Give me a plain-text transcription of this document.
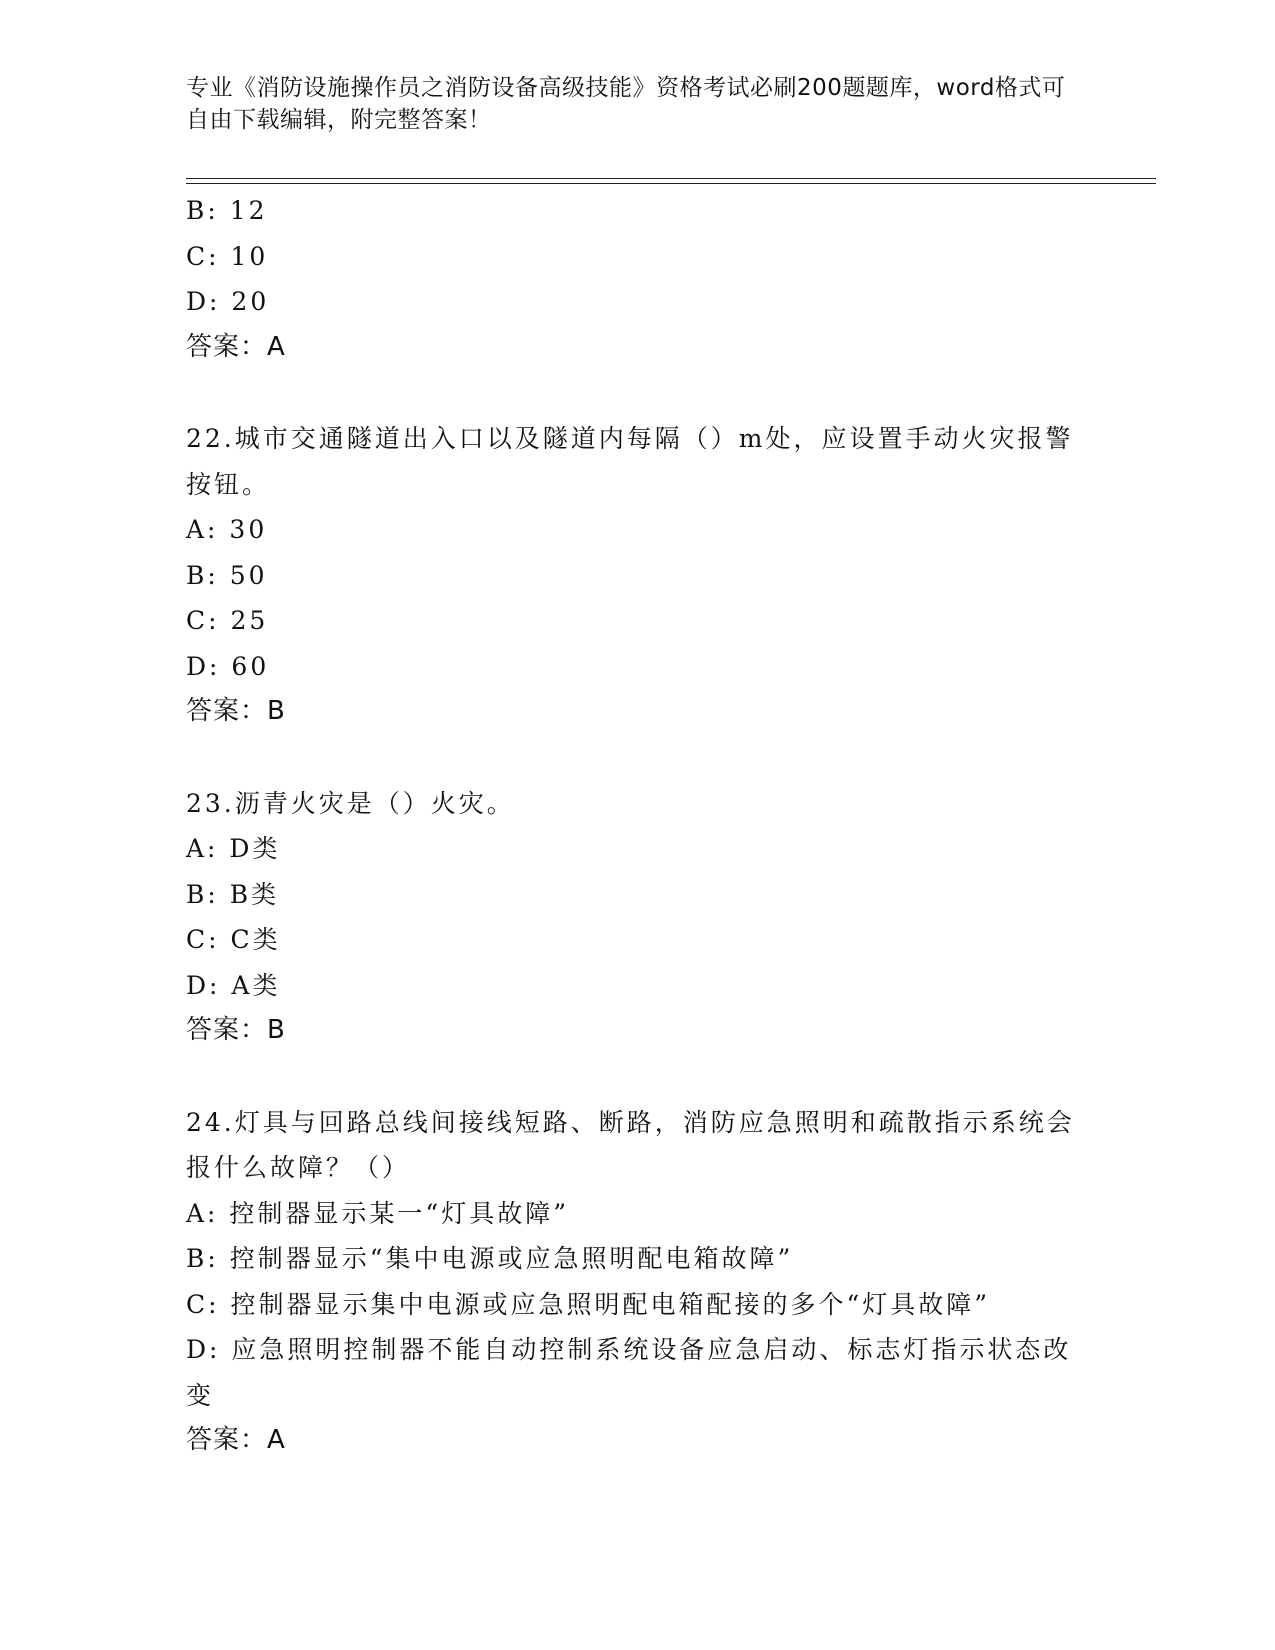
专业《消防设施操作员之消防设备高级技能》资格考试必刷200题题库，word格式可自由下载编辑，附完整答案！
B: 12
C: 10
D: 20
答案：A
22.城市交通隧道出入口以及隧道内每隔（）m处，应设置手动火灾报警按钮。
A: 30
B: 50
C: 25
D: 60
答案：B
23.沥青火灾是（）火灾。
A: D类
B: B类
C: C类
D: A类
答案：B
24.灯具与回路总线间接线短路、断路，消防应急照明和疏散指示系统会报什么故障？（）
A: 控制器显示某一“灯具故障”
B: 控制器显示“集中电源或应急照明配电箱故障”
C: 控制器显示集中电源或应急照明配电箱配接的多个“灯具故障”
D: 应急照明控制器不能自动控制系统设备应急启动、标志灯指示状态改变
答案：A
